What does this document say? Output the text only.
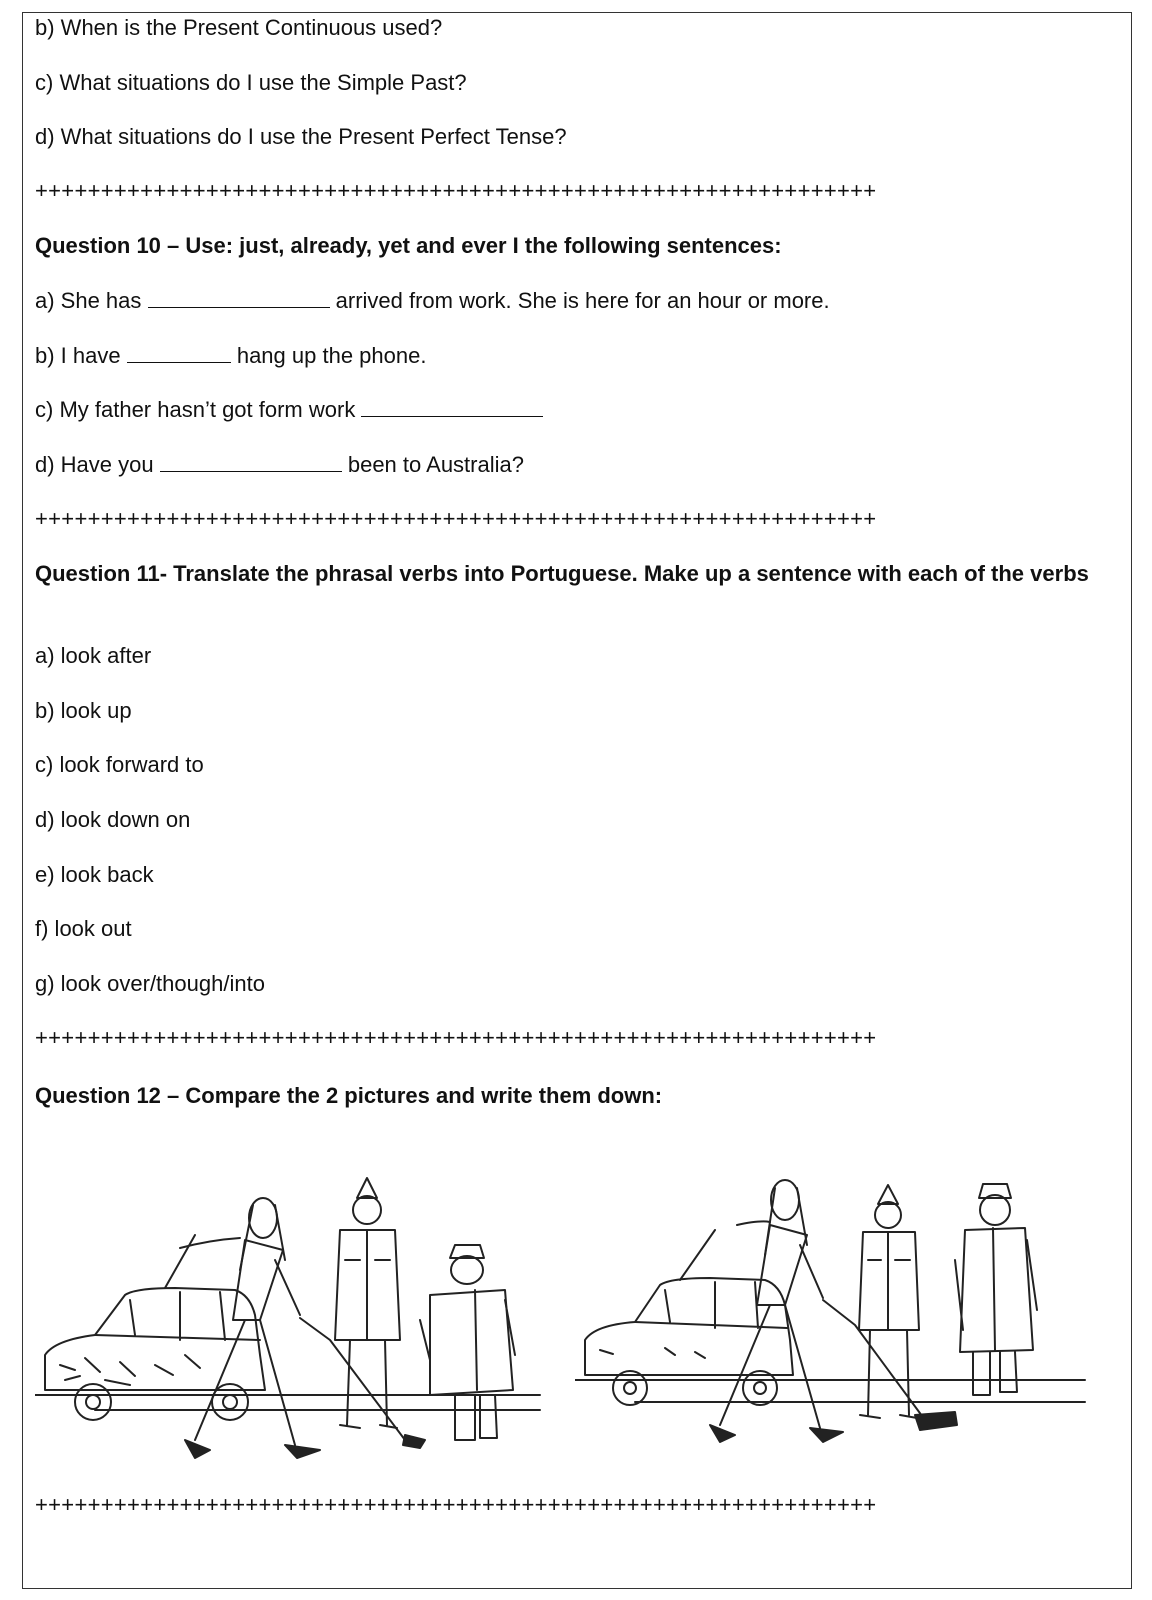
b) When is the Present Continuous used?
c) What situations do I use the Simple Past?
d) What situations do I use the Present Perfect Tense?
++++++++++++++++++++++++++++++++++++++++++++++++++++++++++++++++
Question 10 – Use: just, already, yet and ever I the following sentences:
a) She has	arrived from work. She is here for an hour or more.
b) I have	hang up the phone.
c) My father hasn’t got form work
d) Have you	been to Australia?
++++++++++++++++++++++++++++++++++++++++++++++++++++++++++++++++
Question 11- Translate the phrasal verbs into Portuguese. Make up a sentence with each of the verbs
a) look after
b) look up
c) look forward to
d) look down on
e) look back
f) look out
g) look over/though/into
++++++++++++++++++++++++++++++++++++++++++++++++++++++++++++++++
Question 12 – Compare the 2 pictures and write them down:
++++++++++++++++++++++++++++++++++++++++++++++++++++++++++++++++
